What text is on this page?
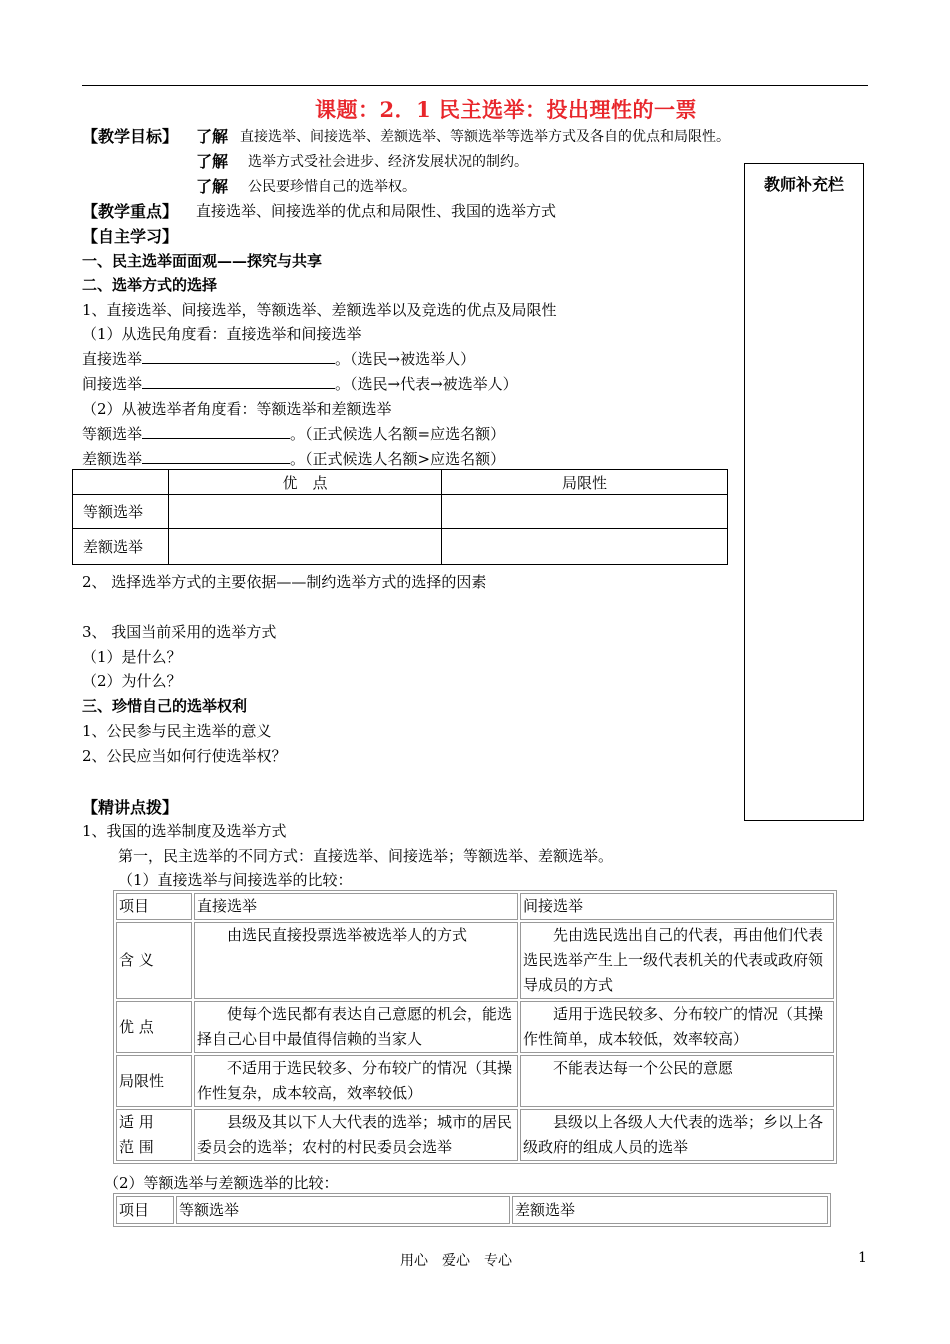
课题：2．1 民主选举：投出理性的一票
【教学目标】 了解 直接选举、间接选举、差额选举、等额选举等选举方式及各自的优点和局限性。
了解 选举方式受社会进步、经济发展状况的制约。
了解 公民要珍惜自己的选举权。	教师补充栏
【教学重点】 直接选举、间接选举的优点和局限性、我国的选举方式
【自主学习】
一、民主选举面面观——探究与共享
二、选举方式的选择
1、直接选举、间接选举，等额选举、差额选举以及竞选的优点及局限性
（1）从选民角度看：直接选举和间接选举
直接选举	。（选民→被选举人）
间接选举	。（选民→代表→被选举人）
（2）从被选举者角度看：等额选举和差额选举
等额选举	。（正式候选人名额=应选名额）
差额选举	。（正式候选人名额>应选名额）
	优　点	局限性
等额选举		
差额选举		
2、 选择选举方式的主要依据——制约选举方式的选择的因素
3、 我国当前采用的选举方式
（1）是什么？
（2）为什么？
三、珍惜自己的选举权利
1、公民参与民主选举的意义
2、公民应当如何行使选举权？
【精讲点拨】
1、我国的选举制度及选举方式
第一，民主选举的不同方式：直接选举、间接选举；等额选举、差额选举。
（1）直接选举与间接选举的比较：
项目	直接选举	间接选举
含 义	由选民直接投票选举被选举人的方式	先由选民选出自己的代表，再由他们代表选民选举产生上一级代表机关的代表或政府领导成员的方式
优 点	使每个选民都有表达自己意愿的机会，能选择自己心目中最值得信赖的当家人	适用于选民较多、分布较广的情况（其操作性简单，成本较低，效率较高）
局限性	不适用于选民较多、分布较广的情况（其操作性复杂，成本较高，效率较低）	不能表达每一个公民的意愿
适 用
范 围	县级及其以下人大代表的选举；城市的居民委员会的选举；农村的村民委员会选举	县级以上各级人大代表的选举；乡以上各级政府的组成人员的选举
（2）等额选举与差额选举的比较：
项目	等额选举	差额选举
用心　爱心　专心	1
